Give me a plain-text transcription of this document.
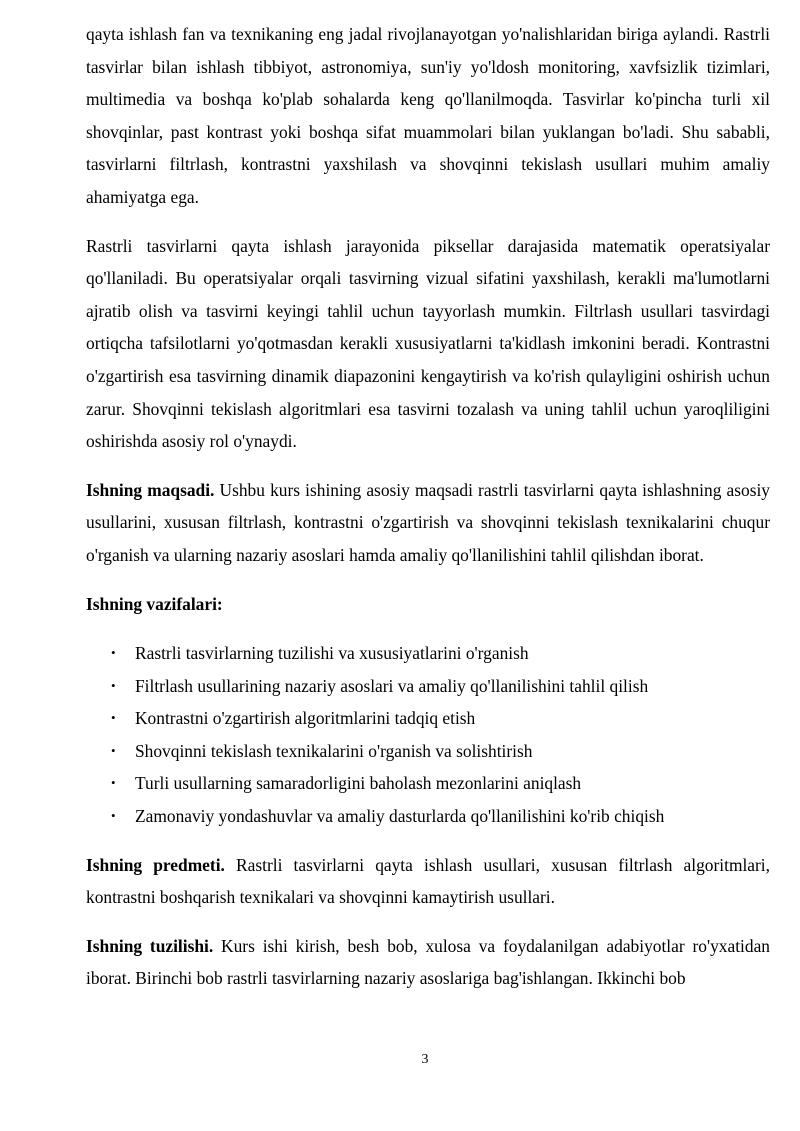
qayta ishlash fan va texnikaning eng jadal rivojlanayotgan yo'nalishlaridan biriga aylandi. Rastrli tasvirlar bilan ishlash tibbiyot, astronomiya, sun'iy yo'ldosh monitoring, xavfsizlik tizimlari, multimedia va boshqa ko'plab sohalarda keng qo'llanilmoqda. Tasvirlar ko'pincha turli xil shovqinlar, past kontrast yoki boshqa sifat muammolari bilan yuklangan bo'ladi. Shu sababli, tasvirlarni filtrlash, kontrastni yaxshilash va shovqinni tekislash usullari muhim amaliy ahamiyatga ega.

Rastrli tasvirlarni qayta ishlash jarayonida piksellar darajasida matematik operatsiyalar qo'llaniladi. Bu operatsiyalar orqali tasvirning vizual sifatini yaxshilash, kerakli ma'lumotlarni ajratib olish va tasvirni keyingi tahlil uchun tayyorlash mumkin. Filtrlash usullari tasvirdagi ortiqcha tafsilotlarni yo'qotmasdan kerakli xususiyatlarni ta'kidlash imkonini beradi. Kontrastni o'zgartirish esa tasvirning dinamik diapazonini kengaytirish va ko'rish qulayligini oshirish uchun zarur. Shovqinni tekislash algoritmlari esa tasvirni tozalash va uning tahlil uchun yaroqliligini oshirishda asosiy rol o'ynaydi.

Ishning maqsadi. Ushbu kurs ishining asosiy maqsadi rastrli tasvirlarni qayta ishlashning asosiy usullarini, xususan filtrlash, kontrastni o'zgartirish va shovqinni tekislash texnikalarini chuqur o'rganish va ularning nazariy asoslari hamda amaliy qo'llanilishini tahlil qilishdan iborat.

Ishning vazifalari:

• Rastrli tasvirlarning tuzilishi va xususiyatlarini o'rganish
• Filtrlash usullarining nazariy asoslari va amaliy qo'llanilishini tahlil qilish
• Kontrastni o'zgartirish algoritmlarini tadqiq etish
• Shovqinni tekislash texnikalarini o'rganish va solishtirish
• Turli usullarning samaradorligini baholash mezonlarini aniqlash
• Zamonaviy yondashuvlar va amaliy dasturlarda qo'llanilishini ko'rib chiqish

Ishning predmeti. Rastrli tasvirlarni qayta ishlash usullari, xususan filtrlash algoritmlari, kontrastni boshqarish texnikalari va shovqinni kamaytirish usullari.

Ishning tuzilishi. Kurs ishi kirish, besh bob, xulosa va foydalanilgan adabiyotlar ro'yxatidan iborat. Birinchi bob rastrli tasvirlarning nazariy asoslariga bag'ishlangan. Ikkinchi bob

3
